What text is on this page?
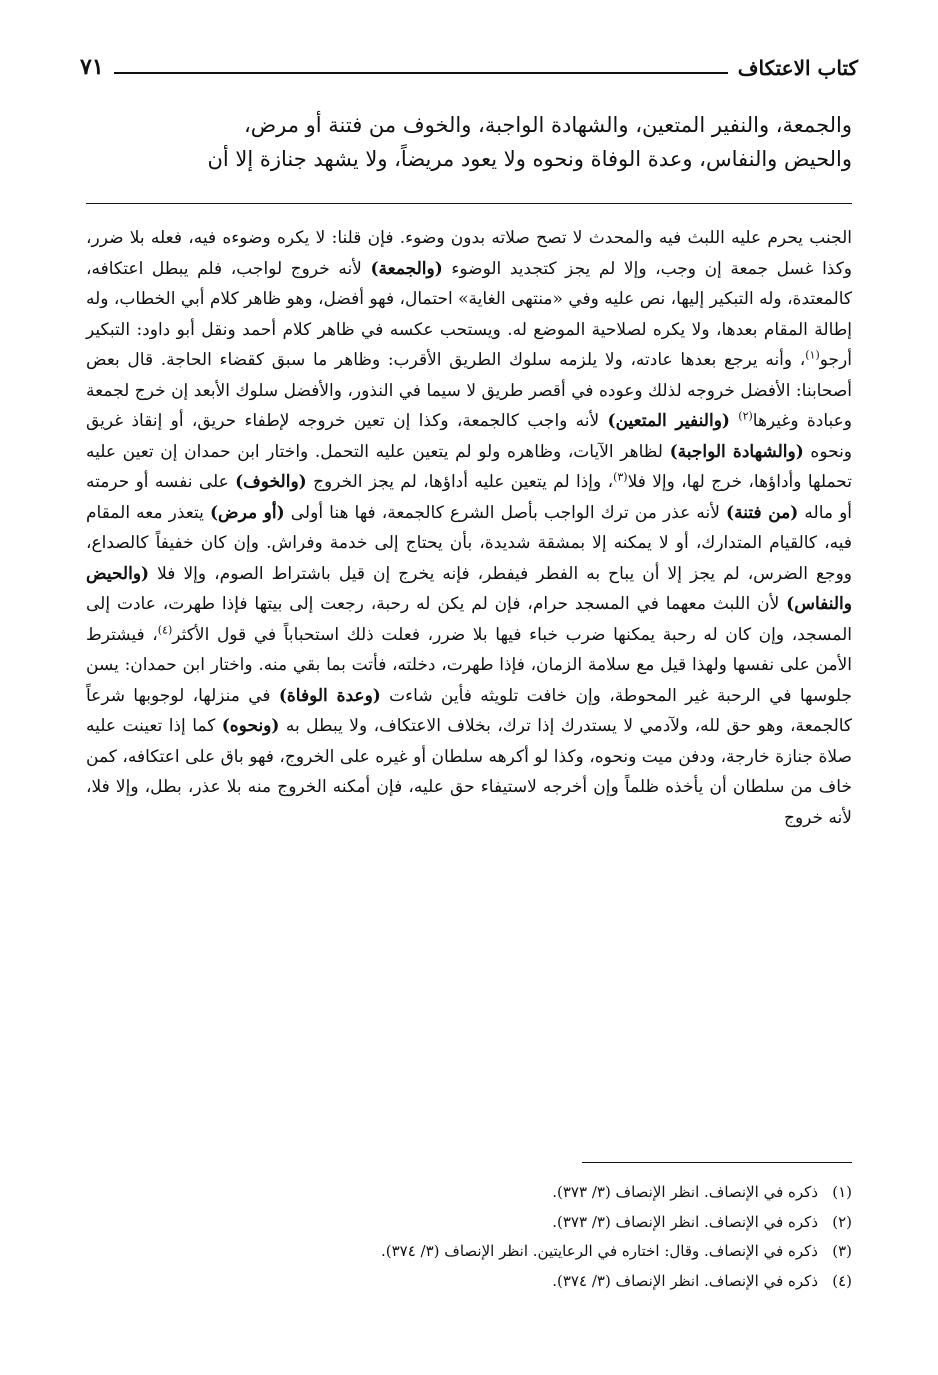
كتاب الاعتكاف
٧١

والجمعة، والنفير المتعين، والشهادة الواجبة، والخوف من فتنة أو مرض،

والحيض والنفاس، وعدة الوفاة ونحوه ولا يعود مريضاً، ولا يشهد جنازة إلا أن

الجنب يحرم عليه اللبث فيه والمحدث لا تصح صلاته بدون وضوء. فإن قلنا: لا يكره وضوءه فيه، فعله بلا ضرر، وكذا غسل جمعة إن وجب، وإلا لم يجز كتجديد الوضوء (والجمعة) لأنه خروج لواجب، فلم يبطل اعتكافه، كالمعتدة، وله التبكير إليها، نص عليه وفي «منتهى الغاية» احتمال، فهو أفضل، وهو ظاهر كلام أبي الخطاب، وله إطالة المقام بعدها، ولا يكره لصلاحية الموضع له. ويستحب عكسه في ظاهر كلام أحمد ونقل أبو داود: التبكير أرجو$^{(١)}$، وأنه يرجع بعدها عادته، ولا يلزمه سلوك الطريق الأقرب: وظاهر ما سبق كقضاء الحاجة. قال بعض أصحابنا: الأفضل خروجه لذلك وعوده في أقصر طريق لا سيما في النذور، والأفضل سلوك الأبعد إن خرج لجمعة وعبادة وغيرها$^{(٢)}$ (والنفير المتعين) لأنه واجب كالجمعة، وكذا إن تعين خروجه لإطفاء حريق، أو إنقاذ غريق ونحوه (والشهادة الواجبة) لظاهر الآيات، وظاهره ولو لم يتعين عليه التحمل. واختار ابن حمدان إن تعين عليه تحملها وأداؤها، خرج لها، وإلا فلا$^{(٣)}$، وإذا لم يتعين عليه أداؤها، لم يجز الخروج (والخوف) على نفسه أو حرمته أو ماله (من فتنة) لأنه عذر من ترك الواجب بأصل الشرع كالجمعة، فها هنا أولى (أو مرض) يتعذر معه المقام فيه، كالقيام المتدارك، أو لا يمكنه إلا بمشقة شديدة، بأن يحتاج إلى خدمة وفراش. وإن كان خفيفاً كالصداع، ووجع الضرس، لم يجز إلا أن يباح به الفطر فيفطر، فإنه يخرج إن قيل باشتراط الصوم، وإلا فلا (والحيض والنفاس) لأن اللبث معهما في المسجد حرام، فإن لم يكن له رحبة، رجعت إلى بيتها فإذا طهرت، عادت إلى المسجد، وإن كان له رحبة يمكنها ضرب خباء فيها بلا ضرر، فعلت ذلك استحباباً في قول الأكثر$^{(٤)}$، فيشترط الأمن على نفسها ولهذا قيل مع سلامة الزمان، فإذا طهرت، دخلته، فأتت بما بقي منه. واختار ابن حمدان: يسن جلوسها في الرحبة غير المحوطة، وإن خافت تلويثه فأين شاءت (وعدة الوفاة) في منزلها، لوجوبها شرعاً كالجمعة، وهو حق لله، ولآدمي لا يستدرك إذا ترك، بخلاف الاعتكاف، ولا يبطل به (ونحوه) كما إذا تعينت عليه صلاة جنازة خارجة، ودفن ميت ونحوه، وكذا لو أكرهه سلطان أو غيره على الخروج، فهو باق على اعتكافه، كمن خاف من سلطان أن يأخذه ظلماً وإن أخرجه لاستيفاء حق عليه، فإن أمكنه الخروج منه بلا عذر، بطل، وإلا فلا، لأنه خروج

(١)
ذكره في الإنصاف. انظر الإنصاف (٣/ ٣٧٣).
(٢)
ذكره في الإنصاف. انظر الإنصاف (٣/ ٣٧٣).
(٣)
ذكره في الإنصاف. وقال: اختاره في الرعايتين. انظر الإنصاف (٣/ ٣٧٤).
(٤)
ذكره في الإنصاف. انظر الإنصاف (٣/ ٣٧٤).
